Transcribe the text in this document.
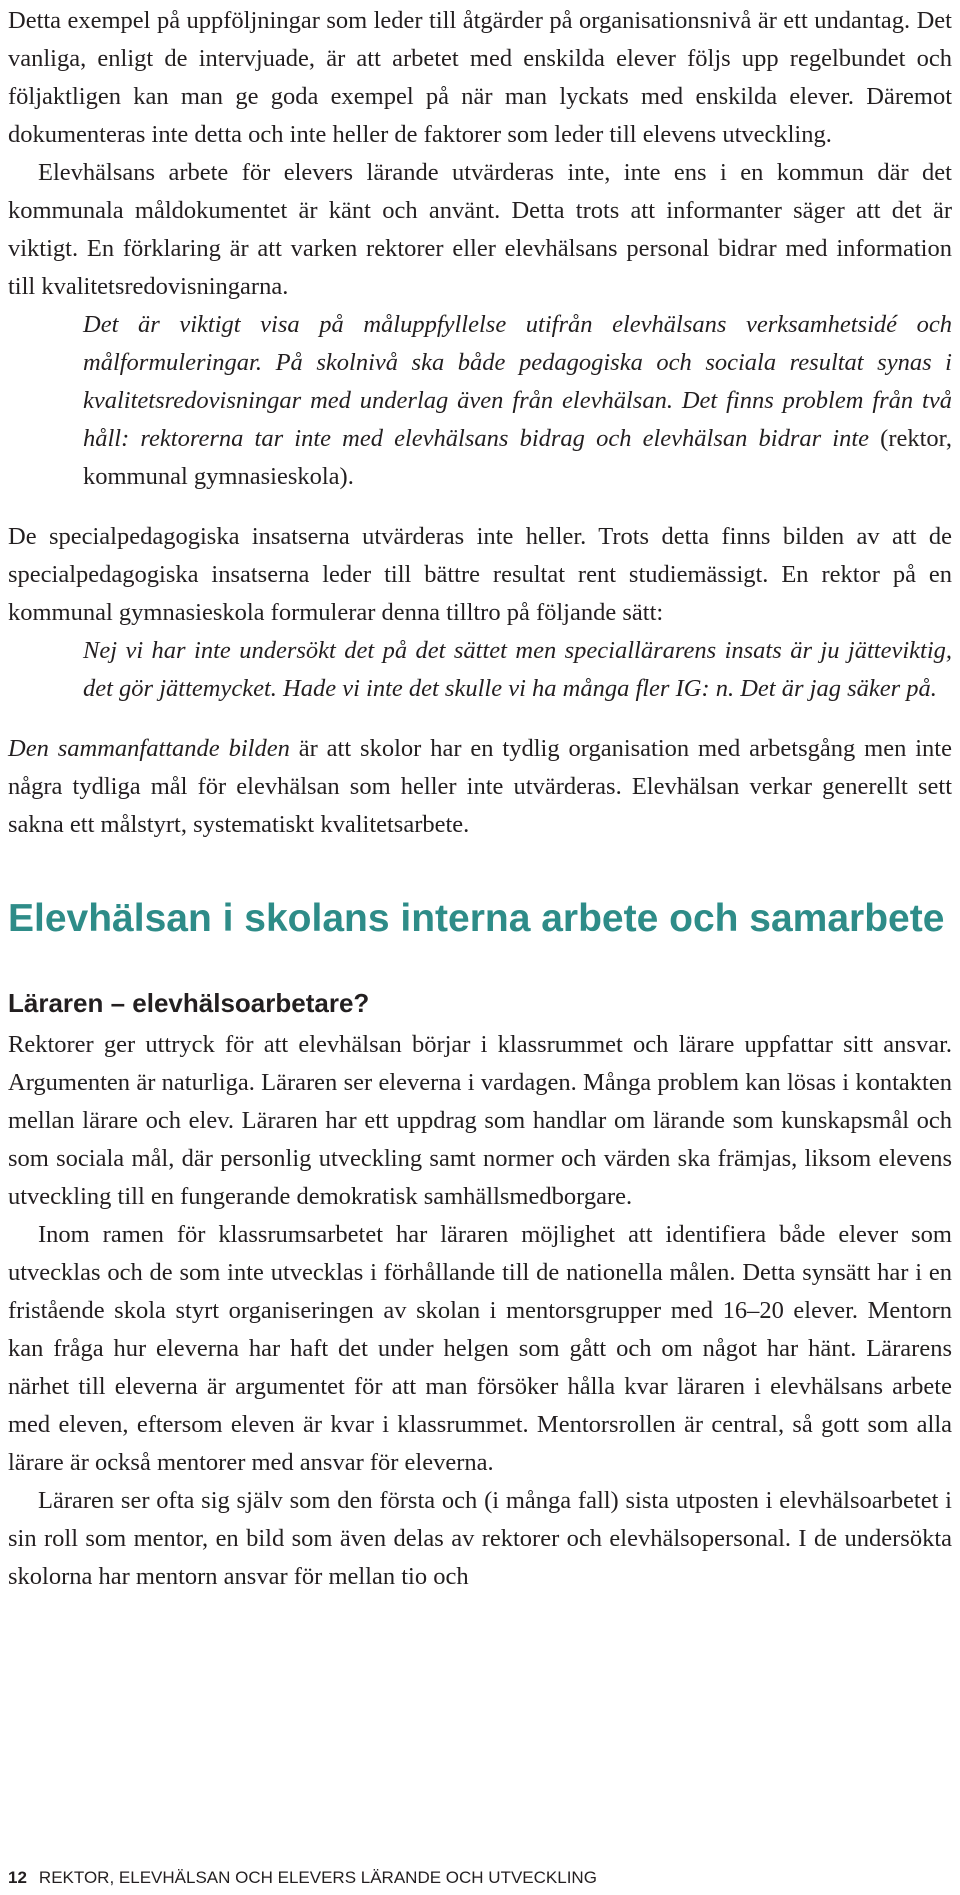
Detta exempel på uppföljningar som leder till åtgärder på organisationsnivå är ett undantag. Det vanliga, enligt de intervjuade, är att arbetet med enskilda elever följs upp regelbundet och följaktligen kan man ge goda exempel på när man lyckats med enskilda elever. Däremot dokumenteras inte detta och inte heller de faktorer som leder till elevens utveckling.

Elevhälsans arbete för elevers lärande utvärderas inte, inte ens i en kommun där det kommunala måldokumentet är känt och använt. Detta trots att informanter säger att det är viktigt. En förklaring är att varken rektorer eller elevhälsans personal bidrar med information till kvalitetsredovisningarna.

Det är viktigt visa på måluppfyllelse utifrån elevhälsans verksamhetsidé och målformuleringar. På skolnivå ska både pedagogiska och sociala resultat synas i kvalitetsredovisningar med underlag även från elevhälsan. Det finns problem från två håll: rektorerna tar inte med elevhälsans bidrag och elevhälsan bidrar inte (rektor, kommunal gymnasieskola).

De specialpedagogiska insatserna utvärderas inte heller. Trots detta finns bilden av att de specialpedagogiska insatserna leder till bättre resultat rent studiemässigt. En rektor på en kommunal gymnasieskola formulerar denna tilltro på följande sätt:

Nej vi har inte undersökt det på det sättet men speciallärarens insats är ju jätteviktig, det gör jättemycket. Hade vi inte det skulle vi ha många fler IG: n. Det är jag säker på.

Den sammanfattande bilden är att skolor har en tydlig organisation med arbetsgång men inte några tydliga mål för elevhälsan som heller inte utvärderas. Elevhälsan verkar generellt sett sakna ett målstyrt, systematiskt kvalitetsarbete.

Elevhälsan i skolans interna arbete och samarbete
Läraren – elevhälsoarbetare?

Rektorer ger uttryck för att elevhälsan börjar i klassrummet och lärare uppfattar sitt ansvar. Argumenten är naturliga. Läraren ser eleverna i vardagen. Många problem kan lösas i kontakten mellan lärare och elev. Läraren har ett uppdrag som handlar om lärande som kunskapsmål och som sociala mål, där personlig utveckling samt normer och värden ska främjas, liksom elevens utveckling till en fungerande demokratisk samhällsmedborgare.

Inom ramen för klassrumsarbetet har läraren möjlighet att identifiera både elever som utvecklas och de som inte utvecklas i förhållande till de nationella målen. Detta synsätt har i en fristående skola styrt organiseringen av skolan i mentorsgrupper med 16–20 elever. Mentorn kan fråga hur eleverna har haft det under helgen som gått och om något har hänt. Lärarens närhet till eleverna är argumentet för att man försöker hålla kvar läraren i elevhälsans arbete med eleven, eftersom eleven är kvar i klassrummet. Mentorsrollen är central, så gott som alla lärare är också mentorer med ansvar för eleverna.

Läraren ser ofta sig själv som den första och (i många fall) sista utposten i elevhälsoarbetet i sin roll som mentor, en bild som även delas av rektorer och elevhälsopersonal. I de undersökta skolorna har mentorn ansvar för mellan tio och

12 REKTOR, ELEVHÄLSAN OCH ELEVERS LÄRANDE OCH UTVECKLING
